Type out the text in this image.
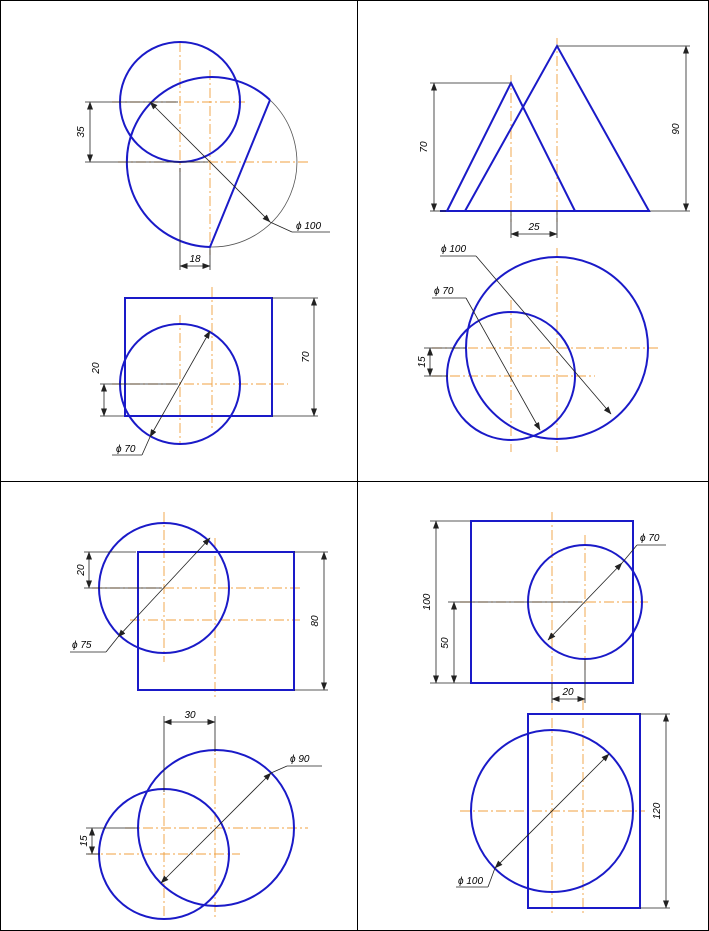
35
18
ϕ 100
20
70
ϕ 70
70
90
25
ϕ 100
ϕ 70
15
20
ϕ 75
80
30
ϕ 90
15
ϕ 70
100
50
20
120
ϕ 100
